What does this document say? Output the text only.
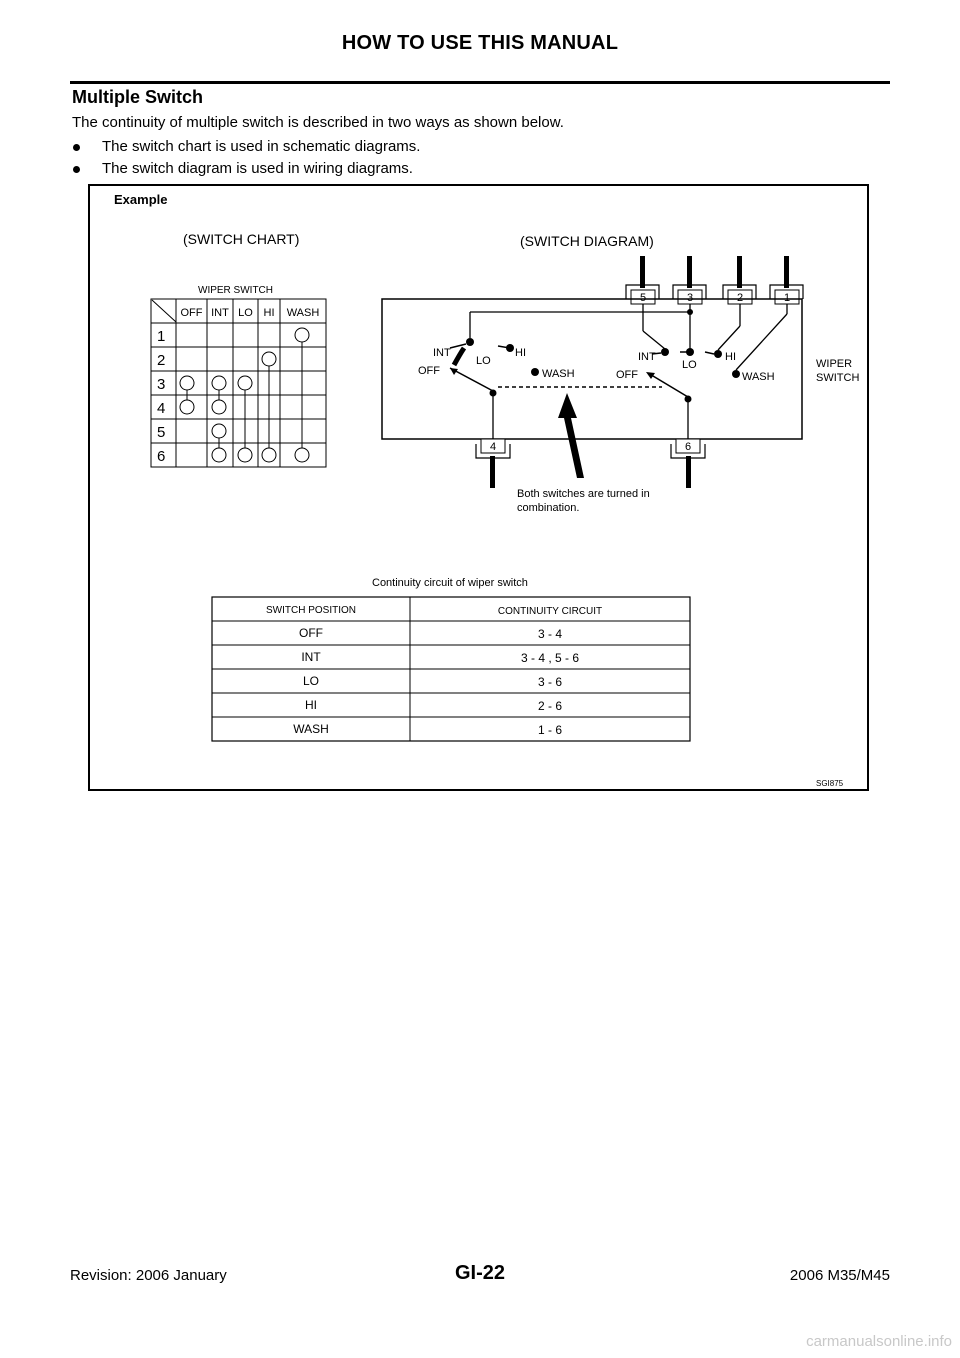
HOW TO USE THIS MANUAL
Multiple Switch
The continuity of multiple switch is described in two ways as shown below.
The switch chart is used in schematic diagrams.
The switch diagram is used in wiring diagrams.
Example
(SWITCH CHART)	(SWITCH DIAGRAM)
WIPER SWITCH
OFF INT LO HI WASH
1
2
3
4
5
6
5	3	2	1
INT
LO
HI
OFF	WASH
INT
LO
HI
OFF	WASH
WIPER
SWITCH
4	6
Both switches are turned in
combination.
Continuity circuit of wiper switch
SWITCH POSITION	CONTINUITY CIRCUIT
OFF	3 - 4
INT	3 - 4 , 5 - 6
LO	3 - 6
HI	2 - 6
WASH	1 - 6
SGI875
Revision: 2006 January	GI-22	2006 M35/M45
carmanualsonline.info
